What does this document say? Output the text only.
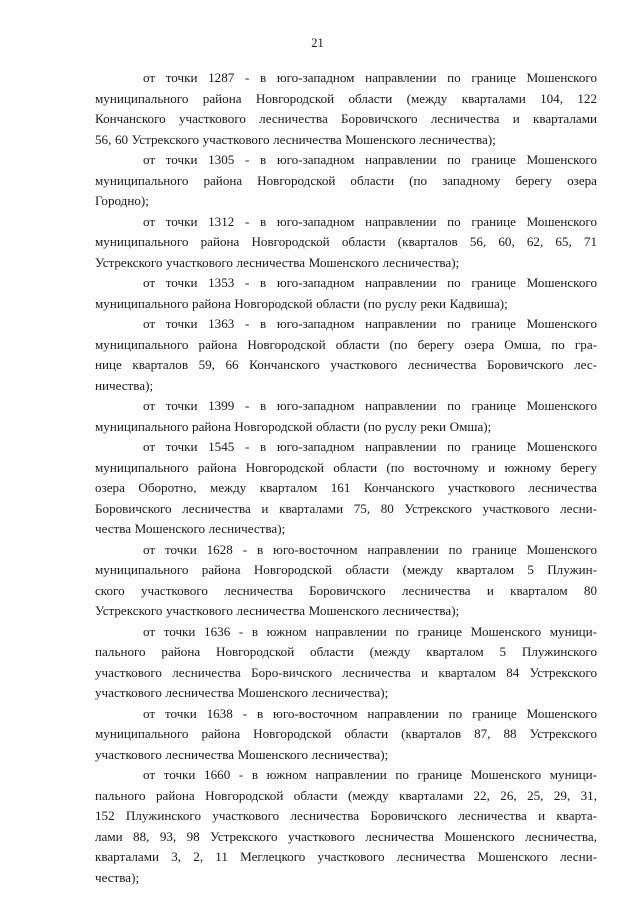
21

от точки 1287 - в юго-западном направлении по границе Мошенского
муниципального района Новгородской области (между кварталами 104, 122
Кончанского участкового лесничества Боровичского лесничества и кварталами
56, 60 Устрекского участкового лесничества Мошенского лесничества);

от точки 1305 - в юго-западном направлении по границе Мошенского
муниципального района Новгородской области (по западному берегу озера
Городно);

от точки 1312 - в юго-западном направлении по границе Мошенского
муниципального района Новгородской области (кварталов 56, 60, 62, 65, 71
Устрекского участкового лесничества Мошенского лесничества);

от точки 1353 - в юго-западном направлении по границе Мошенского
муниципального района Новгородской области (по руслу реки Кадвиша);

от точки 1363 - в юго-западном направлении по границе Мошенского
муниципального района Новгородской области (по берегу озера Омша, по гра-
нице кварталов 59, 66 Кончанского участкового лесничества Боровичского лес-
ничества);

от точки 1399 - в юго-западном направлении по границе Мошенского
муниципального района Новгородской области (по руслу реки Омша);

от точки 1545 - в юго-западном направлении по границе Мошенского
муниципального района Новгородской области (по восточному и южному берегу
озера Оборотно, между кварталом 161 Кончанского участкового лесничества
Боровичского лесничества и кварталами 75, 80 Устрекского участкового лесни-
чества Мошенского лесничества);

от точки 1628 - в юго-восточном направлении по границе Мошенского
муниципального района Новгородской области (между кварталом 5 Плужин-
ского участкового лесничества Боровичского лесничества и кварталом 80
Устрекского участкового лесничества Мошенского лесничества);

от точки 1636 - в южном направлении по границе Мошенского муници-
пального района Новгородской области (между кварталом 5 Плужинского
участкового лесничества Боро-вичского лесничества и кварталом 84 Устрекского
участкового лесничества Мошенского лесничества);

от точки 1638 - в юго-восточном направлении по границе Мошенского
муниципального района Новгородской области (кварталов 87, 88 Устрекского
участкового лесничества Мошенского лесничества);

от точки 1660 - в южном направлении по границе Мошенского муници-
пального района Новгородской области (между кварталами 22, 26, 25, 29, 31,
152 Плужинского участкового лесничества Боровичского лесничества и кварта-
лами 88, 93, 98 Устрекского участкового лесничества Мошенского лесничества,
кварталами 3, 2, 11 Меглецкого участкового лесничества Мошенского лесни-
чества);
